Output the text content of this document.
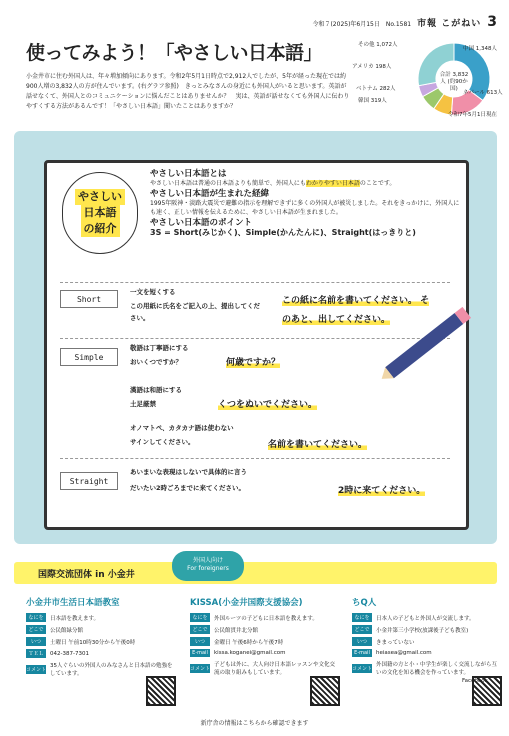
令和７(2025)年6月15日 No.1581 市報 こがねい 3
使ってみよう！「やさしい日本語」
小金井市に住む外国人は、年々増加傾向にあります。令和2年5月1日時点で2,912人でしたが、5年が経った現在では約900人増の3,832人の方が住んでいます。(右グラフ参照)　きっとみなさんの身近にも外国人がいると思います。英語が話せなくて、外国人とのコミュニケーションに悩んだことはありませんか？　実は、英語が話せなくても外国人に伝わりやすくする方法があるんです！「やさしい日本語」聞いたことはありますか？
合計 3,832人 (約90か国)
中国 1,348人
ネパール 613人
韓国 319人
ベトナム 282人
アメリカ 198人
その他 1,072人
令和7年5月1日現在
やさしい
日本語
の紹介
やさしい日本語とは

やさしい日本語は普通の日本語よりも簡単で、外国人にもわかりやすい日本語のことです。

やさしい日本語が生まれた経緯

1995年阪神・淡路大震災で避難の指示を理解できずに多くの外国人が被災しました。それをきっかけに、外国人にも速く、正しい情報を伝えるために、やさしい日本語が生まれました。

やさしい日本語のポイント

3S = Short(みじかく)、Simple(かんたんに)、Straight(はっきりと)

Short
一文を短くする
この用紙に氏名をご記入の上、提出してください。
この紙に名前を書いてください。 そのあと、出してください。
Simple
敬語は丁寧語にする
おいくつですか？	何歳ですか？
漢語は和語にする
土足厳禁	くつをぬいでください。
オノマトペ、カタカナ語は使わない
サインしてください。	名前を書いてください。
Straight
あいまいな表現はしないで具体的に言う
だいたい2時ごろまでに来てください。	2時に来てください。
国際交流団体 in 小金井
外国人向け
For foreigners
小金井市生活日本語教室
なにを	日本語を教えます。
どこで	公民館緑分館
いつ	土曜日 午前10時30分から午後0時
ＴＥＬ	042-387-7301
コメント
35人ぐらいの外国人のみなさんと日本語の勉強をしています。
KISSA(小金井国際支援協会)
なにを	外国ルーツの子どもに日本語を教えます。
どこで	公民館貫井北分館
いつ	金曜日 午後6時から午後7時
E-mail	kissa.koganei@gmail.com
コメント
子どもは外に、大人向け日本語レッスンや文化交流の取り組みもしています。
ちQ人
なにを	日本人の子どもと外国人が交流します。
どこで	小金井第三小学校(放課後子ども教室)
いつ	きまっていない
E-mail	heiasea@gmail.com
コメント
外国籍の方と小・中学生が楽しく交流しながら互いの文化を知る機会を作っています。
Facebook
新庁舎の情報はこちらから確認できます
